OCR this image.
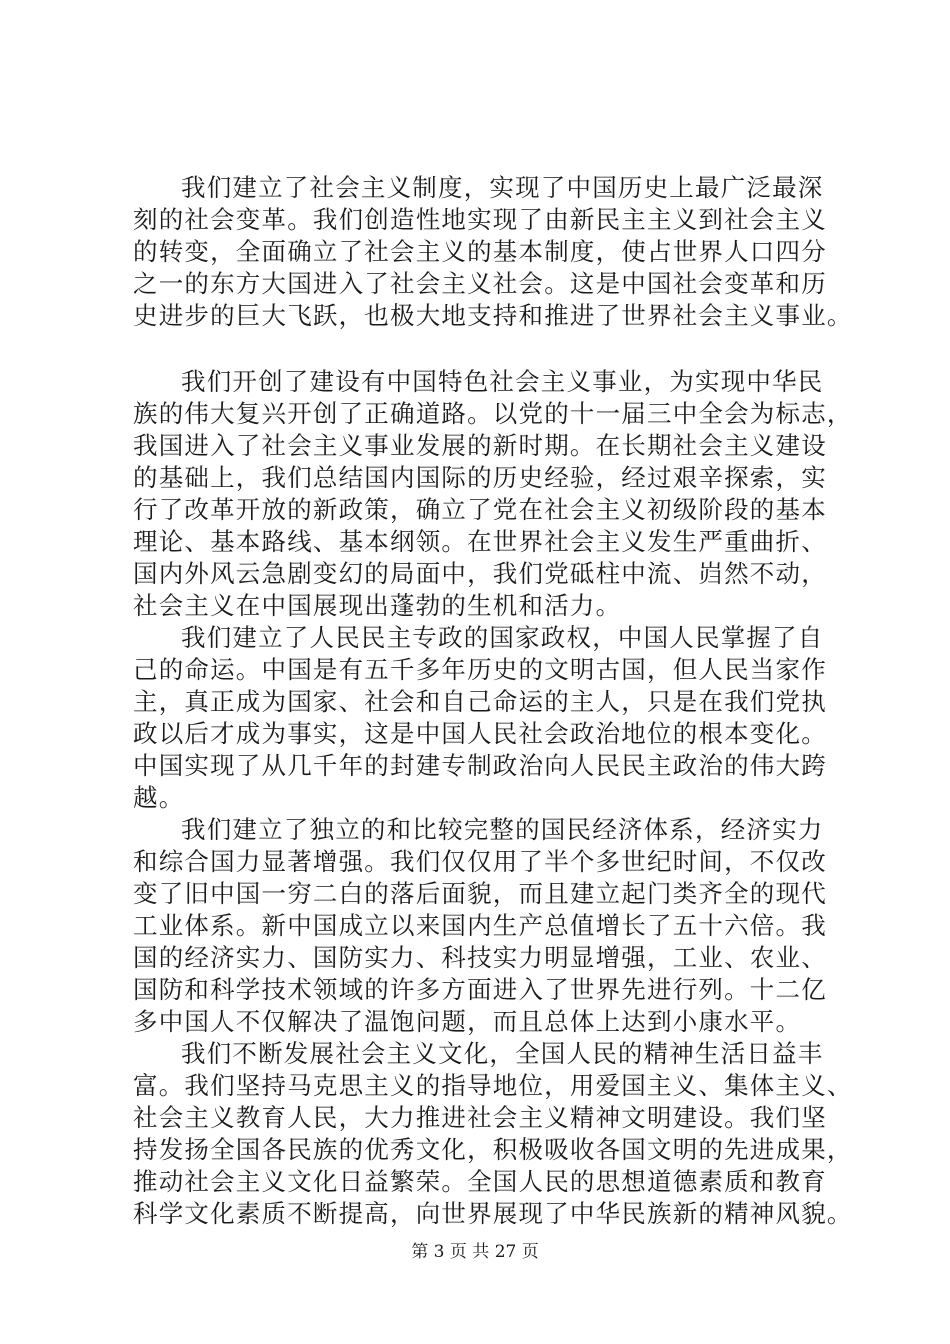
我们建立了社会主义制度，实现了中国历史上最广泛最深
刻的社会变革。我们创造性地实现了由新民主主义到社会主义
的转变，全面确立了社会主义的基本制度，使占世界人口四分
之一的东方大国进入了社会主义社会。这是中国社会变革和历
史进步的巨大飞跃，也极大地支持和推进了世界社会主义事业。
我们开创了建设有中国特色社会主义事业，为实现中华民
族的伟大复兴开创了正确道路。以党的十一届三中全会为标志，
我国进入了社会主义事业发展的新时期。在长期社会主义建设
的基础上，我们总结国内国际的历史经验，经过艰辛探索，实
行了改革开放的新政策，确立了党在社会主义初级阶段的基本
理论、基本路线、基本纲领。在世界社会主义发生严重曲折、
国内外风云急剧变幻的局面中，我们党砥柱中流、岿然不动，
社会主义在中国展现出蓬勃的生机和活力。
我们建立了人民民主专政的国家政权，中国人民掌握了自
己的命运。中国是有五千多年历史的文明古国，但人民当家作
主，真正成为国家、社会和自己命运的主人，只是在我们党执
政以后才成为事实，这是中国人民社会政治地位的根本变化。
中国实现了从几千年的封建专制政治向人民民主政治的伟大跨
越。
我们建立了独立的和比较完整的国民经济体系，经济实力
和综合国力显著增强。我们仅仅用了半个多世纪时间，不仅改
变了旧中国一穷二白的落后面貌，而且建立起门类齐全的现代
工业体系。新中国成立以来国内生产总值增长了五十六倍。我
国的经济实力、国防实力、科技实力明显增强，工业、农业、
国防和科学技术领域的许多方面进入了世界先进行列。十二亿
多中国人不仅解决了温饱问题，而且总体上达到小康水平。
我们不断发展社会主义文化，全国人民的精神生活日益丰
富。我们坚持马克思主义的指导地位，用爱国主义、集体主义、
社会主义教育人民，大力推进社会主义精神文明建设。我们坚
持发扬全国各民族的优秀文化，积极吸收各国文明的先进成果，
推动社会主义文化日益繁荣。全国人民的思想道德素质和教育
科学文化素质不断提高，向世界展现了中华民族新的精神风貌。
第 3 页 共 27 页
